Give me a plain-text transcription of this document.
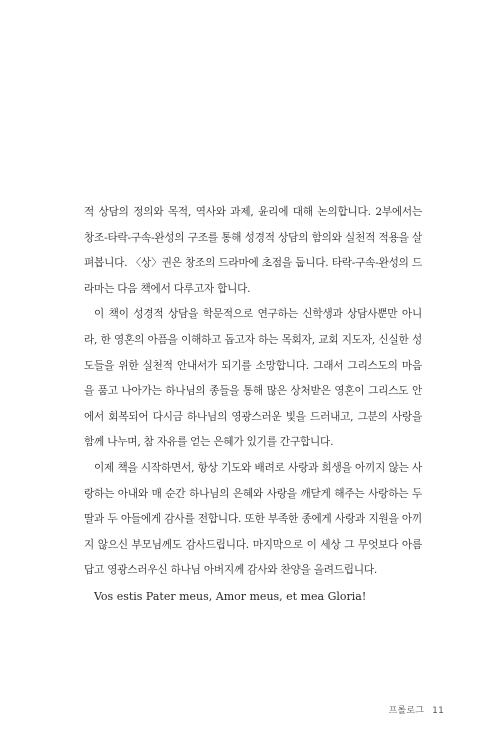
적 상담의 정의와 목적, 역사와 과제, 윤리에 대해 논의합니다. 2부에서는 창조-타락-구속-완성의 구조를 통해 성경적 상담의 함의와 실천적 적용을 살펴봅니다. 〈상〉권은 창조의 드라마에 초점을 둡니다. 타락-구속-완성의 드라마는 다음 책에서 다루고자 합니다.

이 책이 성경적 상담을 학문적으로 연구하는 신학생과 상담사뿐만 아니라, 한 영혼의 아픔을 이해하고 돕고자 하는 목회자, 교회 지도자, 신실한 성도들을 위한 실천적 안내서가 되기를 소망합니다. 그래서 그리스도의 마음을 품고 나아가는 하나님의 종들을 통해 많은 상처받은 영혼이 그리스도 안에서 회복되어 다시금 하나님의 영광스러운 빛을 드러내고, 그분의 사랑을 함께 나누며, 참 자유를 얻는 은혜가 있기를 간구합니다.

이제 책을 시작하면서, 항상 기도와 배려로 사랑과 희생을 아끼지 않는 사랑하는 아내와 매 순간 하나님의 은혜와 사랑을 깨닫게 해주는 사랑하는 두 딸과 두 아들에게 감사를 전합니다. 또한 부족한 종에게 사랑과 지원을 아끼지 않으신 부모님께도 감사드립니다. 마지막으로 이 세상 그 무엇보다 아름답고 영광스러우신 하나님 아버지께 감사와 찬양을 올려드립니다.

Vos estis Pater meus, Amor meus, et mea Gloria!

프롤로그 11
